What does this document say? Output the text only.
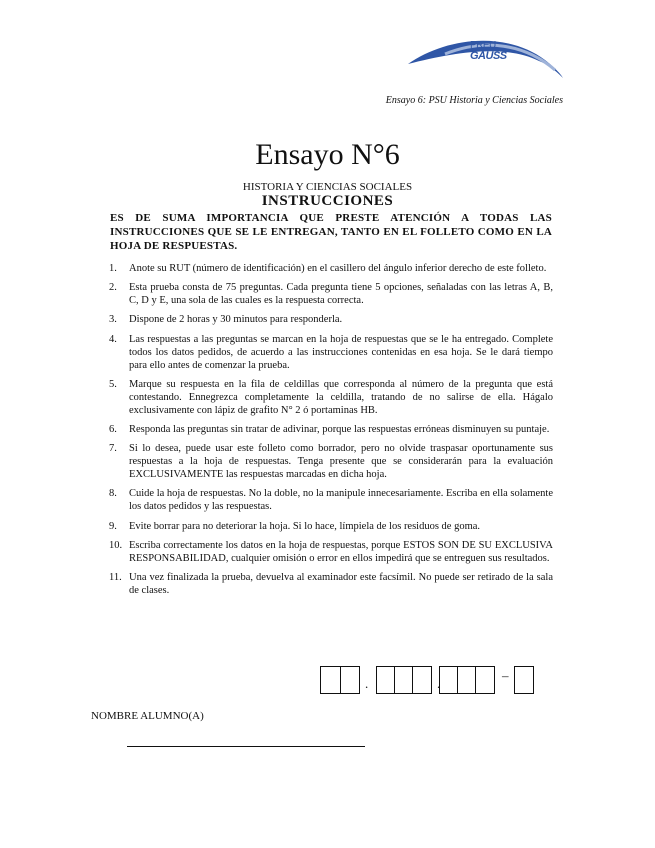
PREU
GAUSS
Ensayo 6: PSU Historia y Ciencias Sociales
Ensayo N°6
HISTORIA Y CIENCIAS SOCIALES
INSTRUCCIONES
ES DE SUMA IMPORTANCIA QUE PRESTE ATENCIÓN A TODAS LAS INSTRUCCIONES QUE SE LE ENTREGAN, TANTO EN EL FOLLETO COMO EN LA HOJA DE RESPUESTAS.
1. Anote su RUT (número de identificación) en el casillero del ángulo inferior derecho de este folleto.
2. Esta prueba consta de 75 preguntas. Cada pregunta tiene 5 opciones, señaladas con las letras A, B, C, D y E, una sola de las cuales es la respuesta correcta.
3. Dispone de 2 horas y 30 minutos para responderla.
4. Las respuestas a las preguntas se marcan en la hoja de respuestas que se le ha entregado. Complete todos los datos pedidos, de acuerdo a las instrucciones contenidas en esa hoja. Se le dará tiempo para ello antes de comenzar la prueba.
5. Marque su respuesta en la fila de celdillas que corresponda al número de la pregunta que está contestando. Ennegrezca completamente la celdilla, tratando de no salirse de ella. Hágalo exclusivamente con lápiz de grafito N° 2 ó portaminas HB.
6. Responda las preguntas sin tratar de adivinar, porque las respuestas erróneas disminuyen su puntaje.
7. Si lo desea, puede usar este folleto como borrador, pero no olvide traspasar oportunamente sus respuestas a la hoja de respuestas. Tenga presente que se considerarán para la evaluación EXCLUSIVAMENTE las respuestas marcadas en dicha hoja.
8. Cuide la hoja de respuestas. No la doble, no la manipule innecesariamente. Escriba en ella solamente los datos pedidos y las respuestas.
9. Evite borrar para no deteriorar la hoja. Si lo hace, límpiela de los residuos de goma.
10. Escriba correctamente los datos en la hoja de respuestas, porque ESTOS SON DE SU EXCLUSIVA RESPONSABILIDAD, cualquier omisión o error en ellos impedirá que se entreguen sus resultados.
11. Una vez finalizada la prueba, devuelva al examinador este facsímil. No puede ser retirado de la sala de clases.
.	.
–
NOMBRE ALUMNO(A)
